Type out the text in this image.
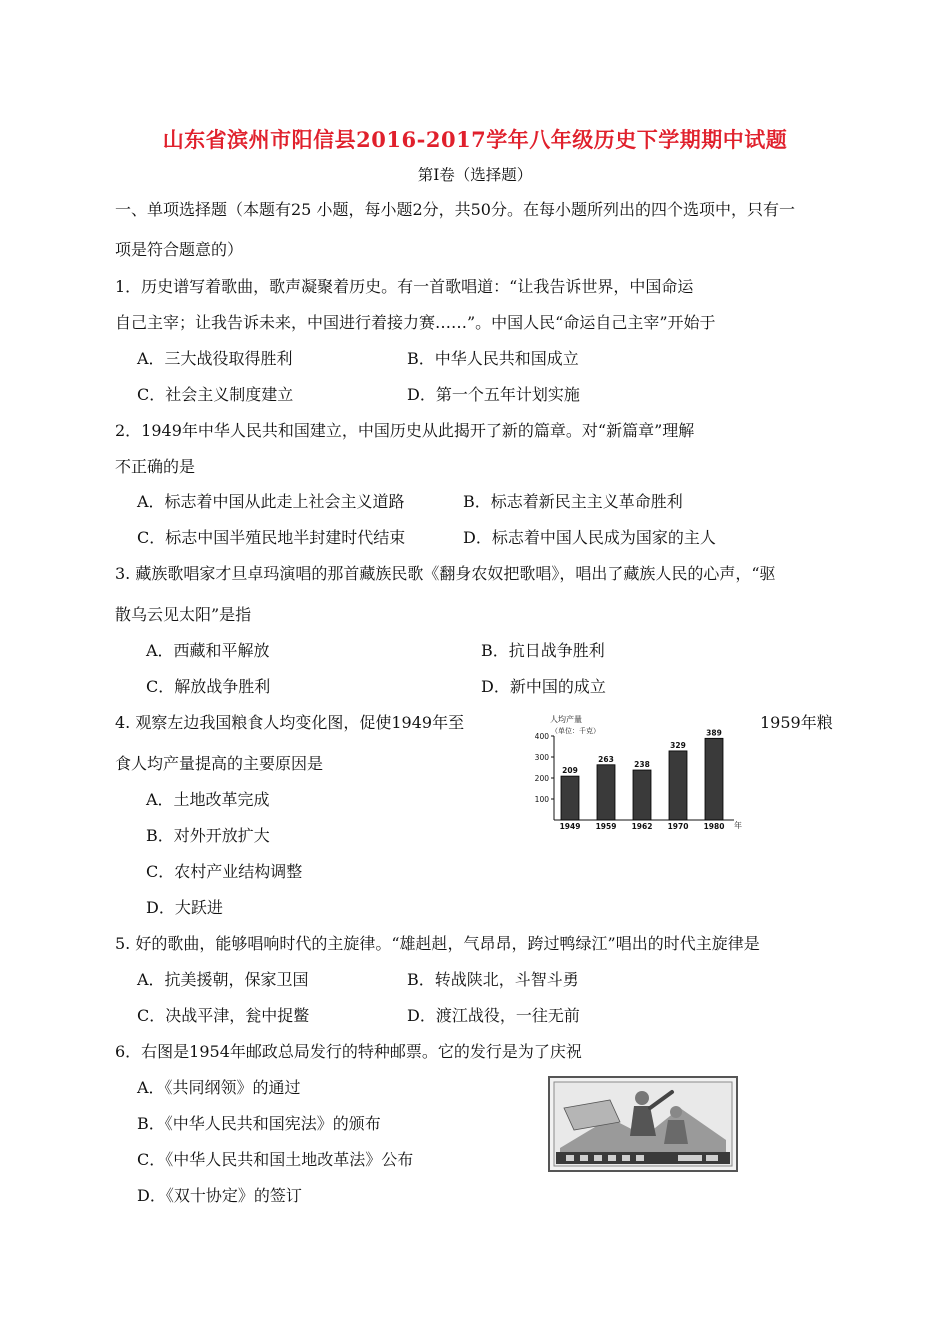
山东省滨州市阳信县2016-2017学年八年级历史下学期期中试题
第Ⅰ卷（选择题）
一、单项选择题（本题有25 小题，每小题2分，共50分。在每小题所列出的四个选项中，只有一
项是符合题意的）
1．历史谱写着歌曲，歌声凝聚着历史。有一首歌唱道：“让我告诉世界，中国命运
自己主宰；让我告诉未来，中国进行着接力赛……”。中国人民“命运自己主宰”开始于
A．三大战役取得胜利	B．中华人民共和国成立
C．社会主义制度建立	D．第一个五年计划实施
2．1949年中华人民共和国建立，中国历史从此揭开了新的篇章。对“新篇章”理解
不正确的是
A．标志着中国从此走上社会主义道路	B．标志着新民主主义革命胜利
C．标志中国半殖民地半封建时代结束	D．标志着中国人民成为国家的主人
3. 藏族歌唱家才旦卓玛演唱的那首藏族民歌《翻身农奴把歌唱》，唱出了藏族人民的心声，“驱
散乌云见太阳”是指
A．西藏和平解放	B．抗日战争胜利
C．解放战争胜利	D．新中国的成立
4. 观察左边我国粮食人均变化图，促使1949年至	1959年粮
食人均产量提高的主要原因是
A．土地改革完成
B．对外开放扩大
C．农村产业结构调整
D．大跃进
人均产量
（单位：千克）
年
100
200
300
400
209
1949
263
1959
238
1962
329
1970
389
1980
5. 好的歌曲，能够唱响时代的主旋律。“雄赳赳，气昂昂，跨过鸭绿江”唱出的时代主旋律是
A．抗美援朝，保家卫国	B．转战陕北，斗智斗勇
C．决战平津，瓮中捉鳖	D．渡江战役，一往无前
6．右图是1954年邮政总局发行的特种邮票。它的发行是为了庆祝
A．《共同纲领》的通过
B．《中华人民共和国宪法》的颁布
C．《中华人民共和国土地改革法》公布
D．《双十协定》的签订
